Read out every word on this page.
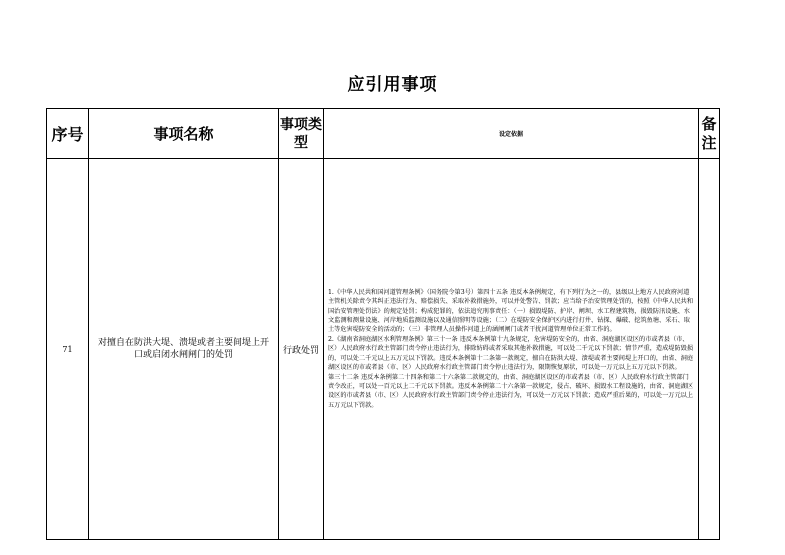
应引用事项
序号	事项名称	事项类型	设定依据	备注
71	对擅自在防洪大堤、溃堤或者主要间堤上开口或启闭水闸闸门的处罚	行政处罚	1.《中华人民共和国河道管理条例》（国务院令第3号）第四十五条 违反本条例规定，有下列行为之一的，县级以上地方人民政府河道主管机关除责令其纠正违法行为、赔偿损失、采取补救措施外，可以并处警告、罚款；应当给予治安管理处罚的，按照《中华人民共和国治安管理处罚法》的规定处罚；构成犯罪的，依法追究刑事责任：（一）损毁堤防、护岸、闸坝、水工程建筑物，损毁防汛设施、水文监测和测量设施、河岸地质监测设施以及通信照明等设施；（二）在堤防安全保护区内进行打井、钻探、爆破、挖筑鱼塘、采石、取土等危害堤防安全的活动的；（三）非管理人员操作河道上的涵闸闸门或者干扰河道管理单位正常工作的。

2.《湖南省洞庭湖区水利管理条例》第三十一条 违反本条例第十九条规定，危害堤防安全的，由省、洞庭湖区设区的市或者县（市、区）人民政府水行政主管部门责令停止违法行为，排除妨碍或者采取其他补救措施，可以处二千元以下罚款；情节严重，造成堤防毁损的，可以处二千元以上五万元以下罚款。违反本条例第十二条第一款规定，擅自在防洪大堤、溃堤或者主要间堤上开口的，由省、洞庭湖区设区的市或者县（市、区）人民政府水行政主管部门责令停止违法行为，限期恢复原状，可以处一万元以上五万元以下罚款。

第三十二条 违反本条例第二十四条和第二十六条第二款规定的，由省、洞庭湖区设区的市或者县（市、区）人民政府水行政主管部门责令改正，可以处一百元以上二千元以下罚款。违反本条例第二十六条第一款规定，侵占、破坏、损毁水工程设施的，由省、洞庭湖区设区的市或者县（市、区）人民政府水行政主管部门责令停止违法行为，可以处一万元以下罚款；造成严重后果的，可以处一万元以上五万元以下罚款。	
